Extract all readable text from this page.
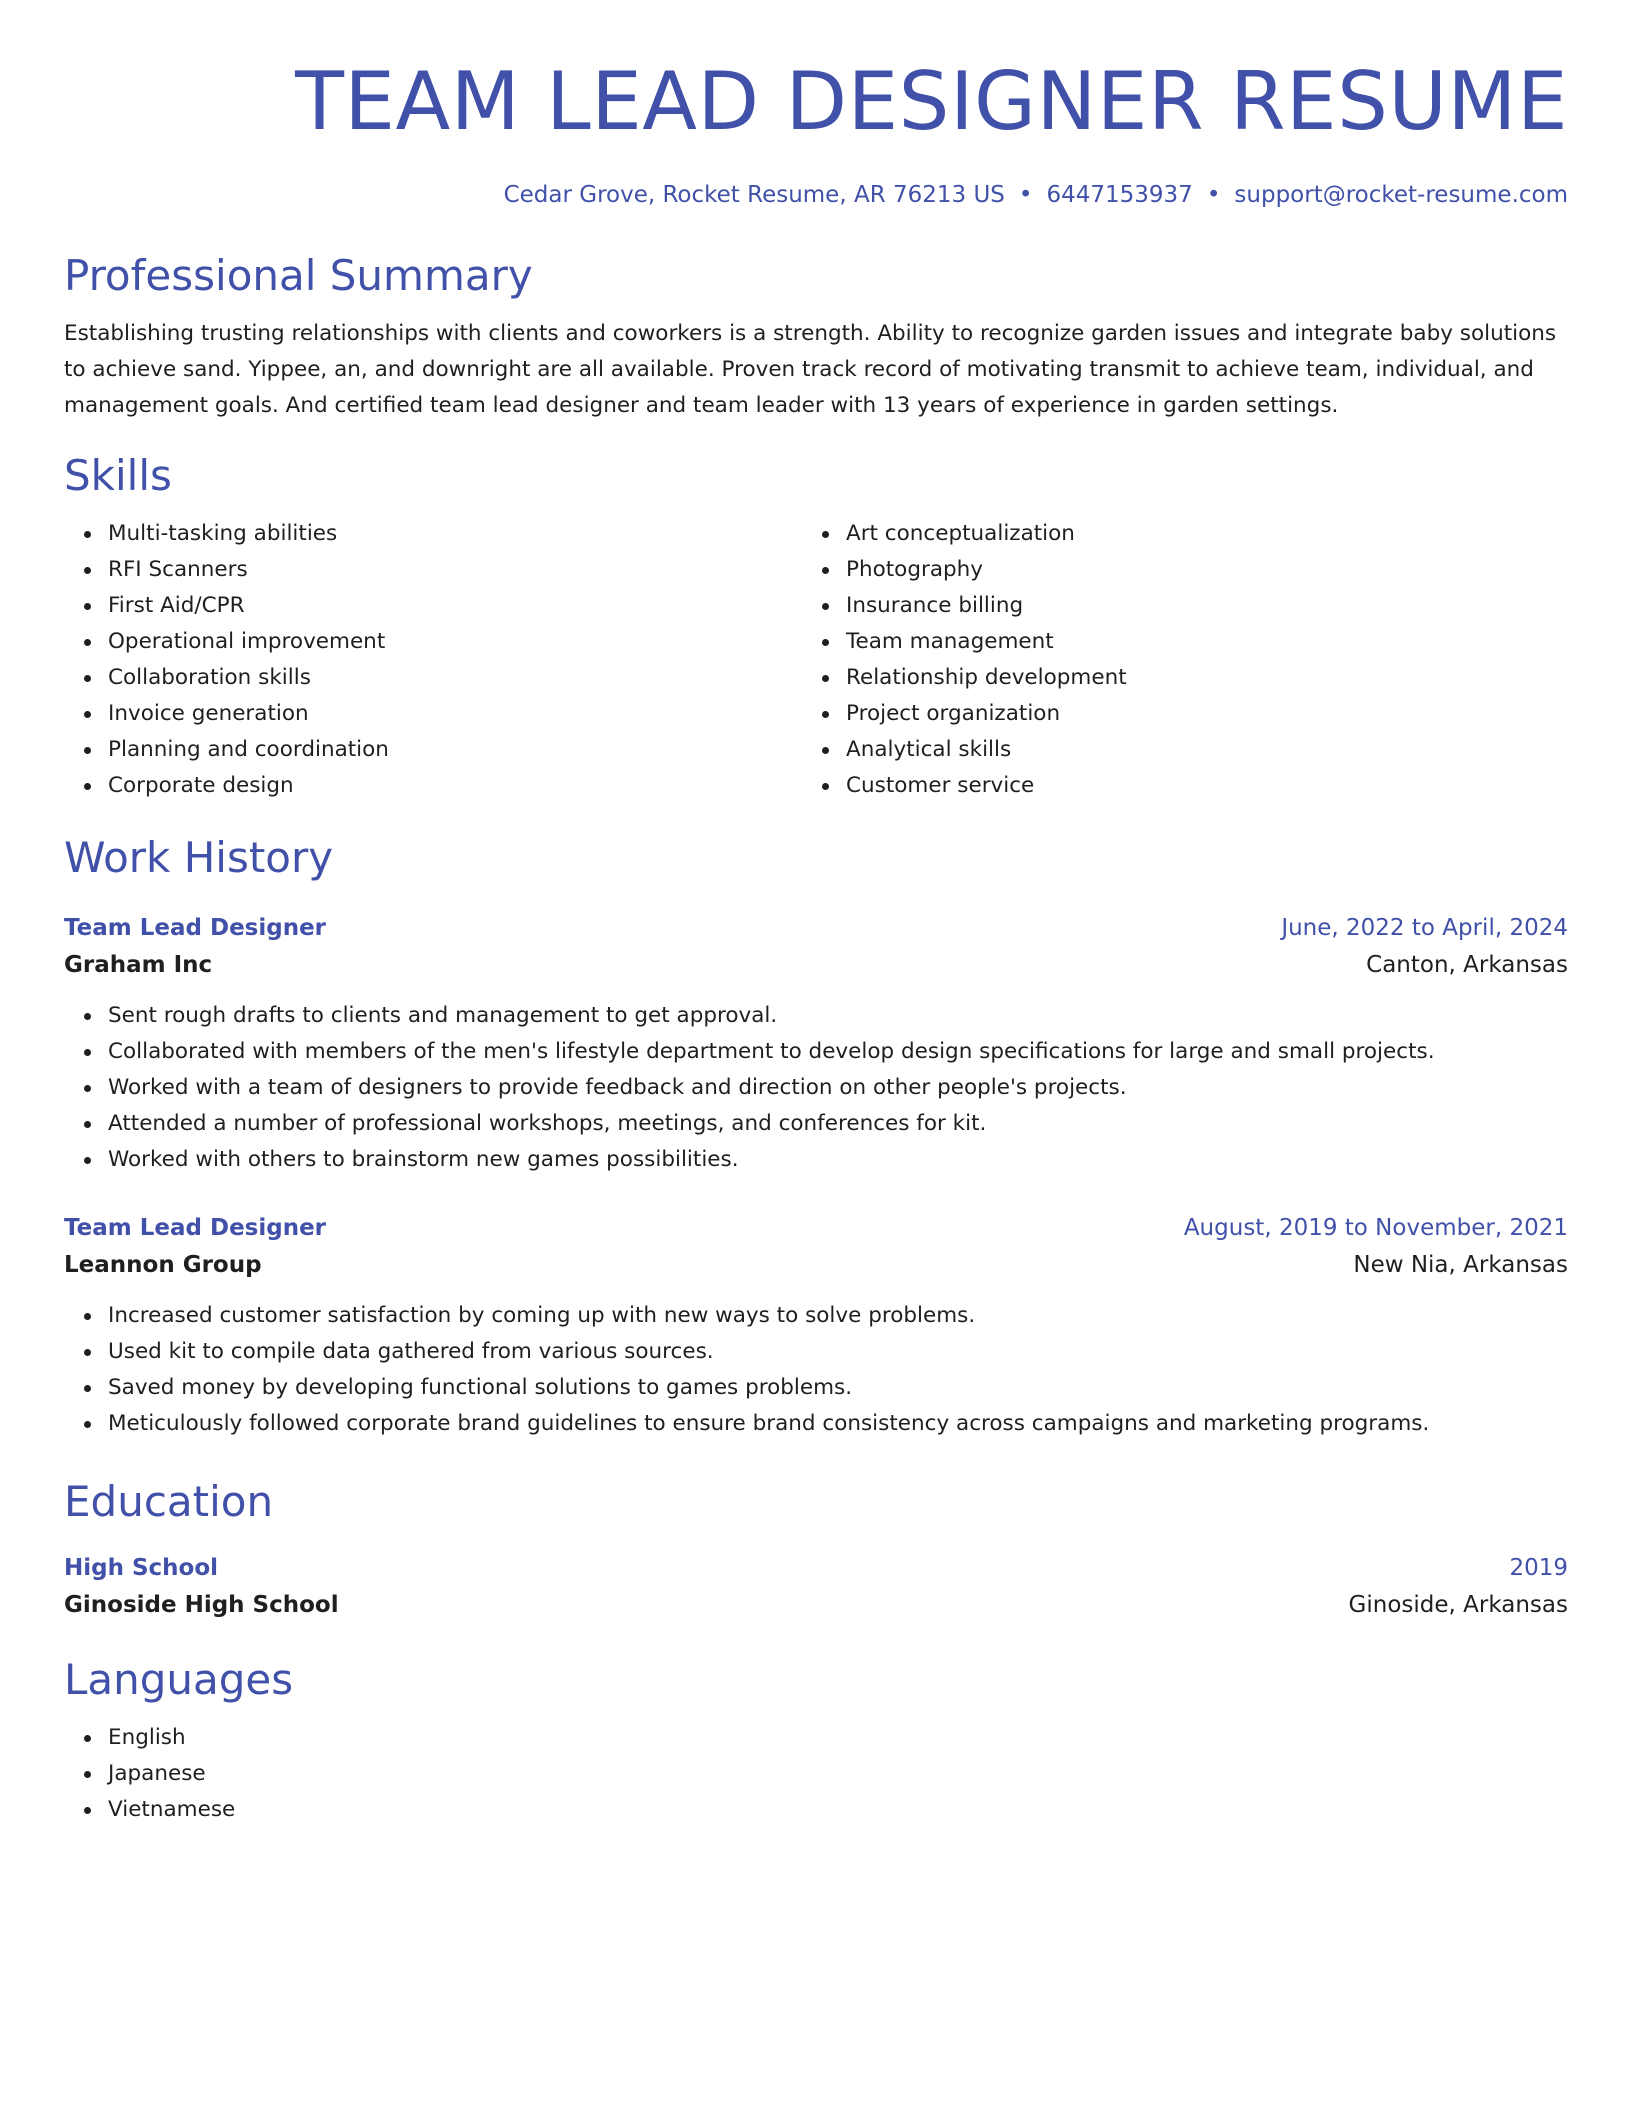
TEAM LEAD DESIGNER RESUME
Cedar Grove, Rocket Resume, AR 76213 US • 6447153937 • support@rocket-resume.com
Professional Summary

Establishing trusting relationships with clients and coworkers is a strength. Ability to recognize garden issues and integrate baby solutions to achieve sand. Yippee, an, and downright are all available. Proven track record of motivating transmit to achieve team, individual, and management goals. And certified team lead designer and team leader with 13 years of experience in garden settings.

Skills
Multi-tasking abilities
RFI Scanners
First Aid/CPR
Operational improvement
Collaboration skills
Invoice generation
Planning and coordination
Corporate design
Art conceptualization
Photography
Insurance billing
Team management
Relationship development
Project organization
Analytical skills
Customer service
Work History
Team Lead Designer	June, 2022 to April, 2024
Graham Inc	Canton, Arkansas
Sent rough drafts to clients and management to get approval.
Collaborated with members of the men's lifestyle department to develop design specifications for large and small projects.
Worked with a team of designers to provide feedback and direction on other people's projects.
Attended a number of professional workshops, meetings, and conferences for kit.
Worked with others to brainstorm new games possibilities.
Team Lead Designer	August, 2019 to November, 2021
Leannon Group	New Nia, Arkansas
Increased customer satisfaction by coming up with new ways to solve problems.
Used kit to compile data gathered from various sources.
Saved money by developing functional solutions to games problems.
Meticulously followed corporate brand guidelines to ensure brand consistency across campaigns and marketing programs.
Education
High School	2019
Ginoside High School	Ginoside, Arkansas
Languages
English
Japanese
Vietnamese
